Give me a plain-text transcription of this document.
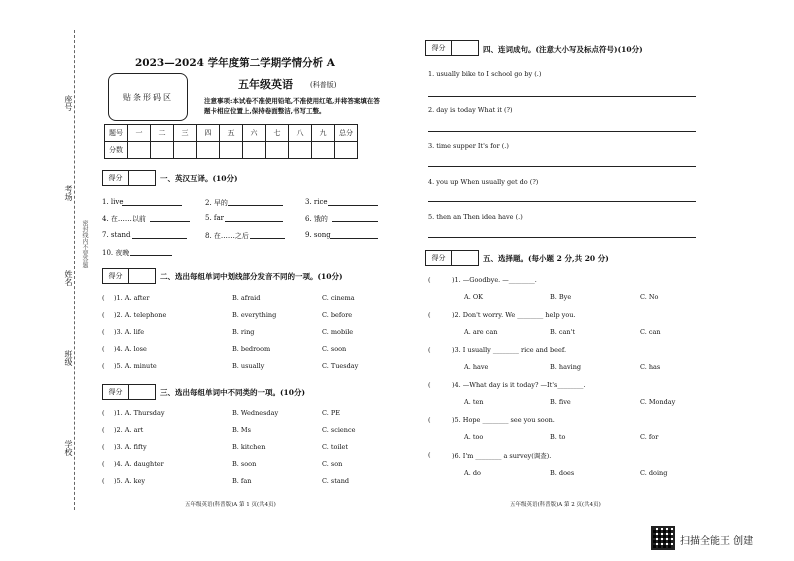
座号
考场
姓名
班级
学校
密封线内不要答题
2023—2024 学年度第二学期学情分析 A
贴条形码区
五年级英语 (科普版)
注意事项:本试卷不准使用铅笔,不准使用红笔,并将答案填在答题卡相应位置上,保持卷面整洁,书写工整。
题号	一	二	三	四	五	六	七	八	九	总分
分数										
得分	一、英汉互译。(10分)
1. live	2. 早的	3. rice
4. 在……以前	5. far	6. 饿的
7. stand	8. 在……之后	9. song
10. 夜晚
得分	二、选出每组单词中划线部分发音不同的一项。(10分)
(	)1. A. after	B. afraid	C. cinema
(	)2. A. telephone	B. everything	C. before
(	)3. A. life	B. ring	C. mobile
(	)4. A. lose	B. bedroom	C. soon
(	)5. A. minute	B. usually	C. Tuesday
得分	三、选出每组单词中不同类的一项。(10分)
(	)1. A. Thursday	B. Wednesday	C. PE
(	)2. A. art	B. Ms	C. science
(	)3. A. fifty	B. kitchen	C. toilet
(	)4. A. daughter	B. soon	C. son
(	)5. A. key	B. fan	C. stand
五年级英语(科普版)A 第 1 页(共4页)
得分	四、连词成句。(注意大小写及标点符号)(10分)
1. usually bike to I school go by (.)
2. day is today What it (?)
3. time supper It's for (.)
4. you up When usually get do (?)
5. then an Then idea have (.)
得分	五、选择题。(每小题 2 分,共 20 分)
(	)1. —Goodbye. —________.
A. OK	B. Bye	C. No
(	)2. Don't worry. We ________ help you.
A. are can	B. can't	C. can
(	)3. I usually ________ rice and beef.
A. have	B. having	C. has
(	)4. —What day is it today? —It's________.
A. ten	B. five	C. Monday
(	)5. Hope ________ see you soon.
A. too	B. to	C. for
(	)6. I'm ________ a survey(调查).
A. do	B. does	C. doing
五年级英语(科普版)A 第 2 页(共4页)
扫描全能王 创建
